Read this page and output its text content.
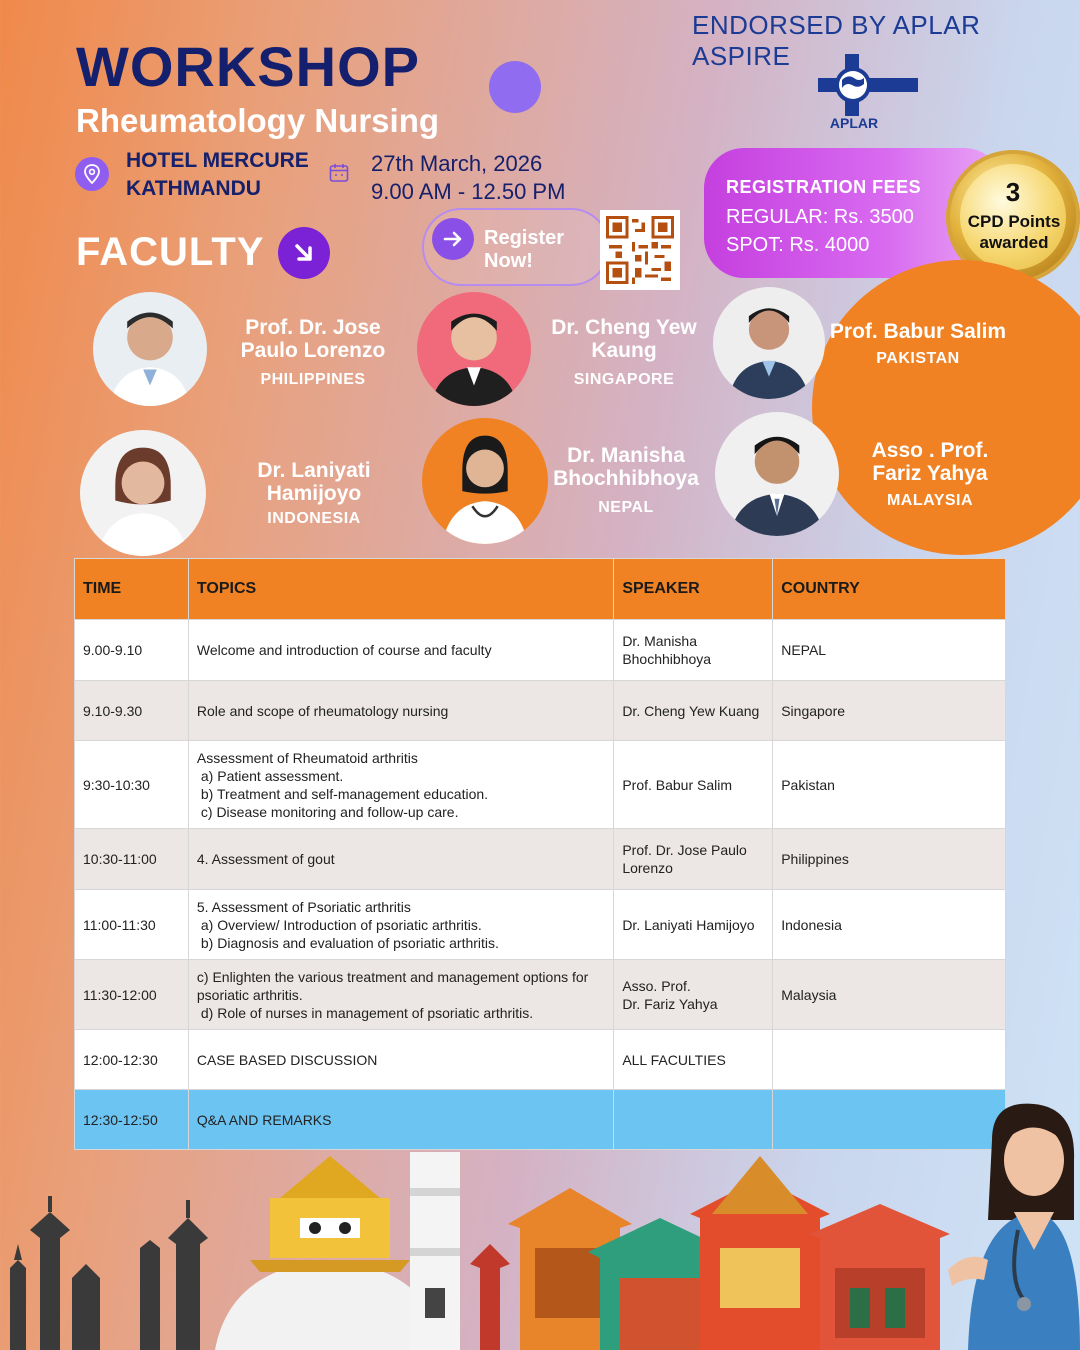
ENDORSED BY APLAR ASPIRE
WORKSHOP
Rheumatology Nursing	APLAR
HOTEL MERCURE
KATHMANDU
27th March, 2026
9.00 AM - 12.50 PM	REGISTRATION FEES
REGULAR: Rs. 3500
SPOT: Rs. 4000
3
CPD Points
awarded
FACULTY	Register
Now!
Prof. Dr. Jose
Paulo Lorenzo
PHILIPPINES
Dr. Cheng Yew
Kaung
SINGAPORE
Prof. Babur Salim
PAKISTAN
Dr. Laniyati
Hamijoyo
INDONESIA
Dr. Manisha
Bhochhibhoya
NEPAL
Asso . Prof.
Fariz Yahya
MALAYSIA
TIME	TOPICS	SPEAKER	COUNTRY
9.00-9.10	Welcome and introduction of course and faculty	Dr. Manisha
Bhochhibhoya	NEPAL
9.10-9.30	Role and scope of rheumatology nursing	Dr. Cheng Yew Kuang	Singapore
9:30-10:30	Assessment of Rheumatoid arthritis
a) Patient assessment.
b) Treatment and self-management education.
c) Disease monitoring and follow-up care.	Prof. Babur Salim	Pakistan
10:30-11:00	4. Assessment of gout	Prof. Dr. Jose Paulo
Lorenzo	Philippines
11:00-11:30	5. Assessment of Psoriatic arthritis
a) Overview/ Introduction of psoriatic arthritis.
b) Diagnosis and evaluation of psoriatic arthritis.	Dr. Laniyati Hamijoyo	Indonesia
11:30-12:00	c) Enlighten the various treatment and management options for
psoriatic arthritis.
d) Role of nurses in management of psoriatic arthritis.	Asso. Prof.
Dr. Fariz Yahya	Malaysia
12:00-12:30	CASE BASED DISCUSSION	ALL FACULTIES	

12:30-12:50	Q&A AND REMARKS		
